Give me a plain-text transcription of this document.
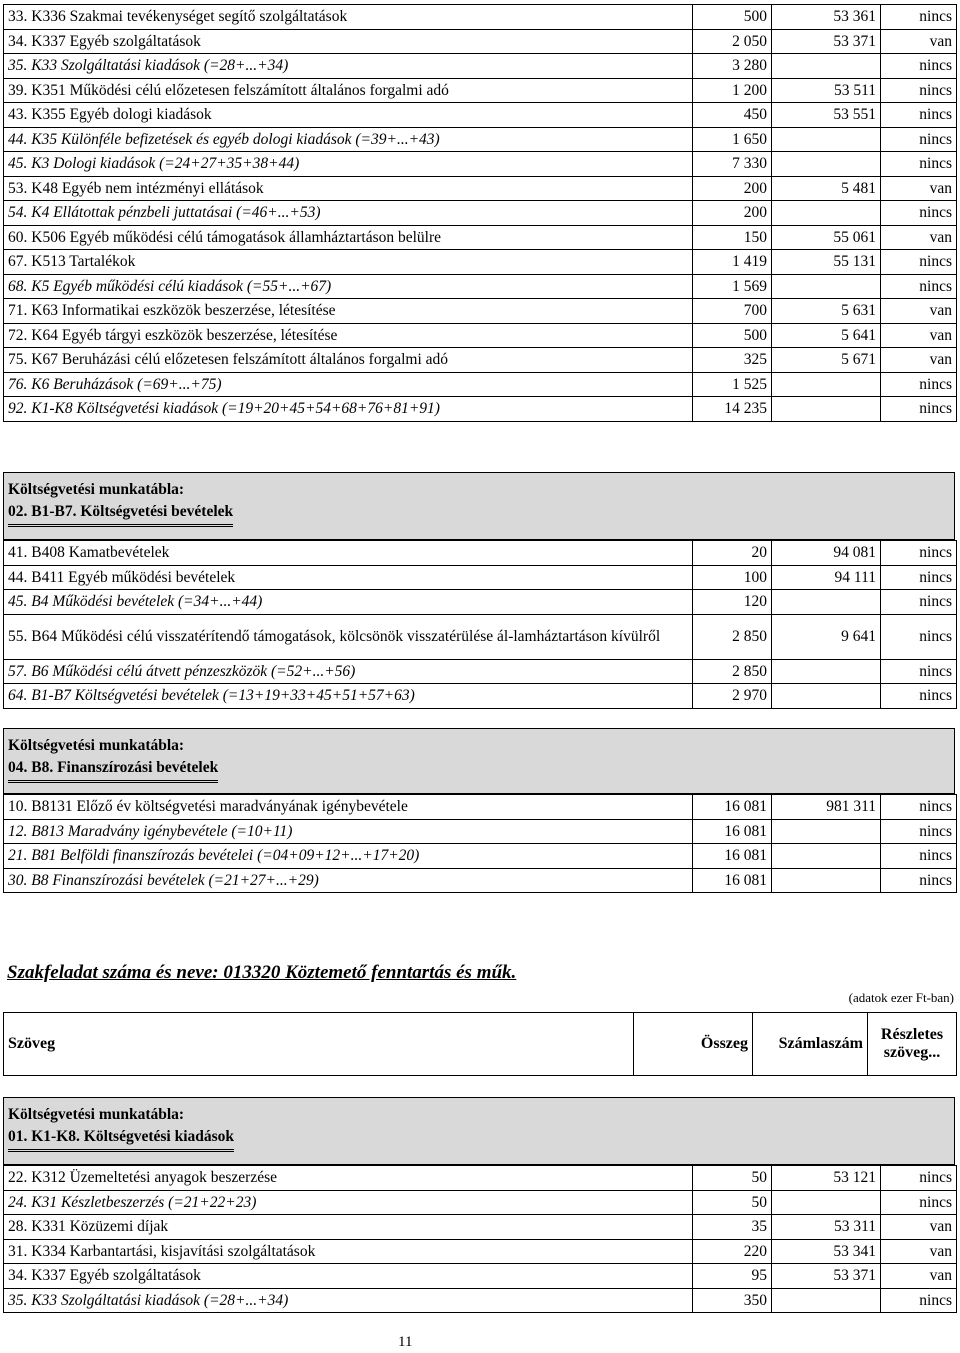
33. K336 Szakmai tevékenységet segítő szolgáltatások	500	53 361	nincs
34. K337 Egyéb szolgáltatások	2 050	53 371	van
35. K33 Szolgáltatási kiadások (=28+...+34)	3 280		nincs
39. K351 Működési célú előzetesen felszámított általános forgalmi adó	1 200	53 511	nincs
43. K355 Egyéb dologi kiadások	450	53 551	nincs
44. K35 Különféle befizetések és egyéb dologi kiadások (=39+...+43)	1 650		nincs
45. K3 Dologi kiadások (=24+27+35+38+44)	7 330		nincs
53. K48 Egyéb nem intézményi ellátások	200	5 481	van
54. K4 Ellátottak pénzbeli juttatásai (=46+...+53)	200		nincs
60. K506 Egyéb működési célú támogatások államháztartáson belülre	150	55 061	van
67. K513 Tartalékok	1 419	55 131	nincs
68. K5 Egyéb működési célú kiadások (=55+...+67)	1 569		nincs
71. K63 Informatikai eszközök beszerzése, létesítése	700	5 631	van
72. K64 Egyéb tárgyi eszközök beszerzése, létesítése	500	5 641	van
75. K67 Beruházási célú előzetesen felszámított általános forgalmi adó	325	5 671	van
76. K6 Beruházások (=69+...+75)	1 525		nincs
92. K1-K8 Költségvetési kiadások (=19+20+45+54+68+76+81+91)	14 235		nincs
Költségvetési munkatábla:
02. B1-B7. Költségvetési bevételek
41. B408 Kamatbevételek	20	94 081	nincs
44. B411 Egyéb működési bevételek	100	94 111	nincs
45. B4 Működési bevételek (=34+...+44)	120		nincs
55. B64 Működési célú visszatérítendő támogatások, kölcsönök visszatérülése ál-lamháztartáson kívülről	2 850	9 641	nincs
57. B6 Működési célú átvett pénzeszközök (=52+...+56)	2 850		nincs
64. B1-B7 Költségvetési bevételek (=13+19+33+45+51+57+63)	2 970		nincs
Költségvetési munkatábla:
04. B8. Finanszírozási bevételek
10. B8131 Előző év költségvetési maradványának igénybevétele	16 081	981 311	nincs
12. B813 Maradvány igénybevétele (=10+11)	16 081		nincs
21. B81 Belföldi finanszírozás bevételei (=04+09+12+...+17+20)	16 081		nincs
30. B8 Finanszírozási bevételek (=21+27+...+29)	16 081		nincs
Szakfeladat száma és neve: 013320 Köztemető fenntartás és műk.
(adatok ezer Ft-ban)
Szöveg	Összeg	Számlaszám	Részletes szöveg...
Költségvetési munkatábla:
01. K1-K8. Költségvetési kiadások
22. K312 Üzemeltetési anyagok beszerzése	50	53 121	nincs
24. K31 Készletbeszerzés (=21+22+23)	50		nincs
28. K331 Közüzemi díjak	35	53 311	van
31. K334 Karbantartási, kisjavítási szolgáltatások	220	53 341	van
34. K337 Egyéb szolgáltatások	95	53 371	van
35. K33 Szolgáltatási kiadások (=28+...+34)	350		nincs
11
